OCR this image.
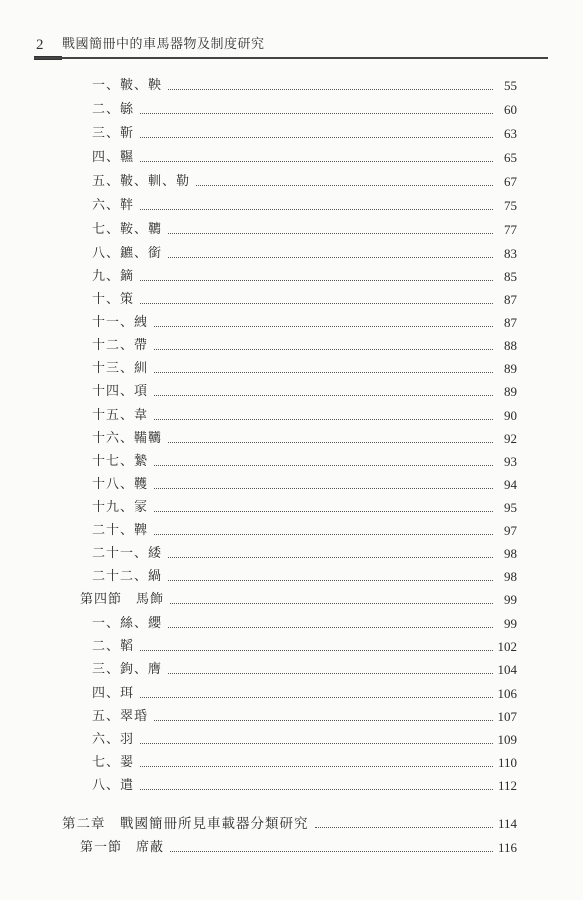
2 戰國簡冊中的車馬器物及制度研究
一、鞁、鞅	55
二、䋣	60
三、靳	63
四、韅	65
五、鞁、䡅、勒	67
六、靽	75
七、鞍、韀	77
八、鑣、銜	83
九、鏑	85
十、策	87
十一、絏	87
十二、帶	88
十三、紃	89
十四、項	89
十五、韋	90
十六、鞴韉	92
十七、縶	93
十八、韄	94
十九、冡	95
二十、鞞	97
二十一、緌	98
二十二、緺	98
第四節　馬飾	99
一、絲、纓	99
二、鞱	102
三、鉤、膺	104
四、珥	106
五、翠琘	107
六、羽	109
七、翣	110
八、遣	112
第二章　戰國簡冊所見車載器分類研究	114
第一節　席蔽	116
